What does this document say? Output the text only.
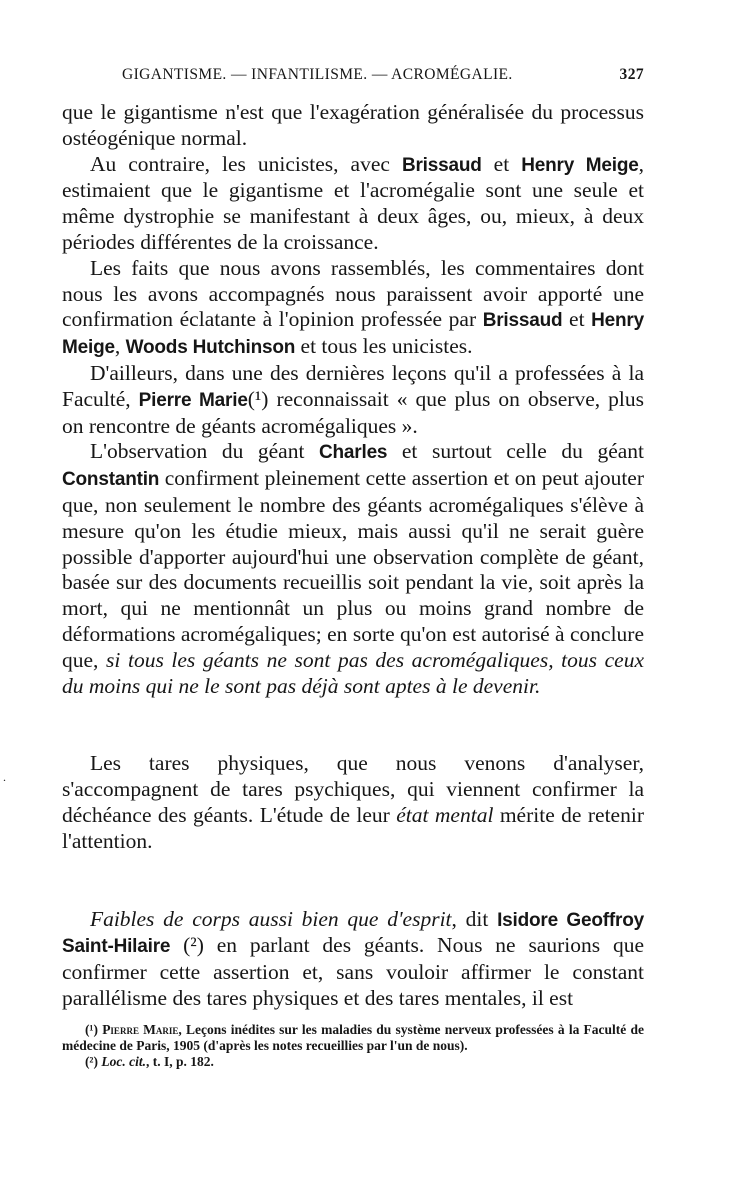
GIGANTISME. — INFANTILISME. — ACROMÉGALIE.	327

que le gigantisme n'est que l'exagération généralisée du processus ostéogénique normal.

Au contraire, les unicistes, avec Brissaud et Henry Meige, estimaient que le gigantisme et l'acromégalie sont une seule et même dystrophie se manifestant à deux âges, ou, mieux, à deux périodes différentes de la croissance.

Les faits que nous avons rassemblés, les commentaires dont nous les avons accompagnés nous paraissent avoir apporté une confirmation éclatante à l'opinion professée par Brissaud et Henry Meige, Woods Hutchinson et tous les unicistes.

D'ailleurs, dans une des dernières leçons qu'il a professées à la Faculté, Pierre Marie(¹) reconnaissait « que plus on observe, plus on rencontre de géants acromégaliques ».

L'observation du géant Charles et surtout celle du géant Constantin confirment pleinement cette assertion et on peut ajouter que, non seulement le nombre des géants acromégaliques s'élève à mesure qu'on les étudie mieux, mais aussi qu'il ne serait guère possible d'apporter aujourd'hui une observation complète de géant, basée sur des documents recueillis soit pendant la vie, soit après la mort, qui ne mentionnât un plus ou moins grand nombre de déformations acromégaliques; en sorte qu'on est autorisé à conclure que, si tous les géants ne sont pas des acromégaliques, tous ceux du moins qui ne le sont pas déjà sont aptes à le devenir.

Les tares physiques, que nous venons d'analyser, s'accompagnent de tares psychiques, qui viennent confirmer la déchéance des géants. L'étude de leur état mental mérite de retenir l'attention.

Faibles de corps aussi bien que d'esprit, dit Isidore Geoffroy Saint-Hilaire (²) en parlant des géants. Nous ne saurions que confirmer cette assertion et, sans vouloir affirmer le constant parallélisme des tares physiques et des tares mentales, il est

(¹) Pierre Marie, Leçons inédites sur les maladies du système nerveux professées à la Faculté de médecine de Paris, 1905 (d'après les notes recueillies par l'un de nous).

(²) Loc. cit., t. I, p. 182.

.
